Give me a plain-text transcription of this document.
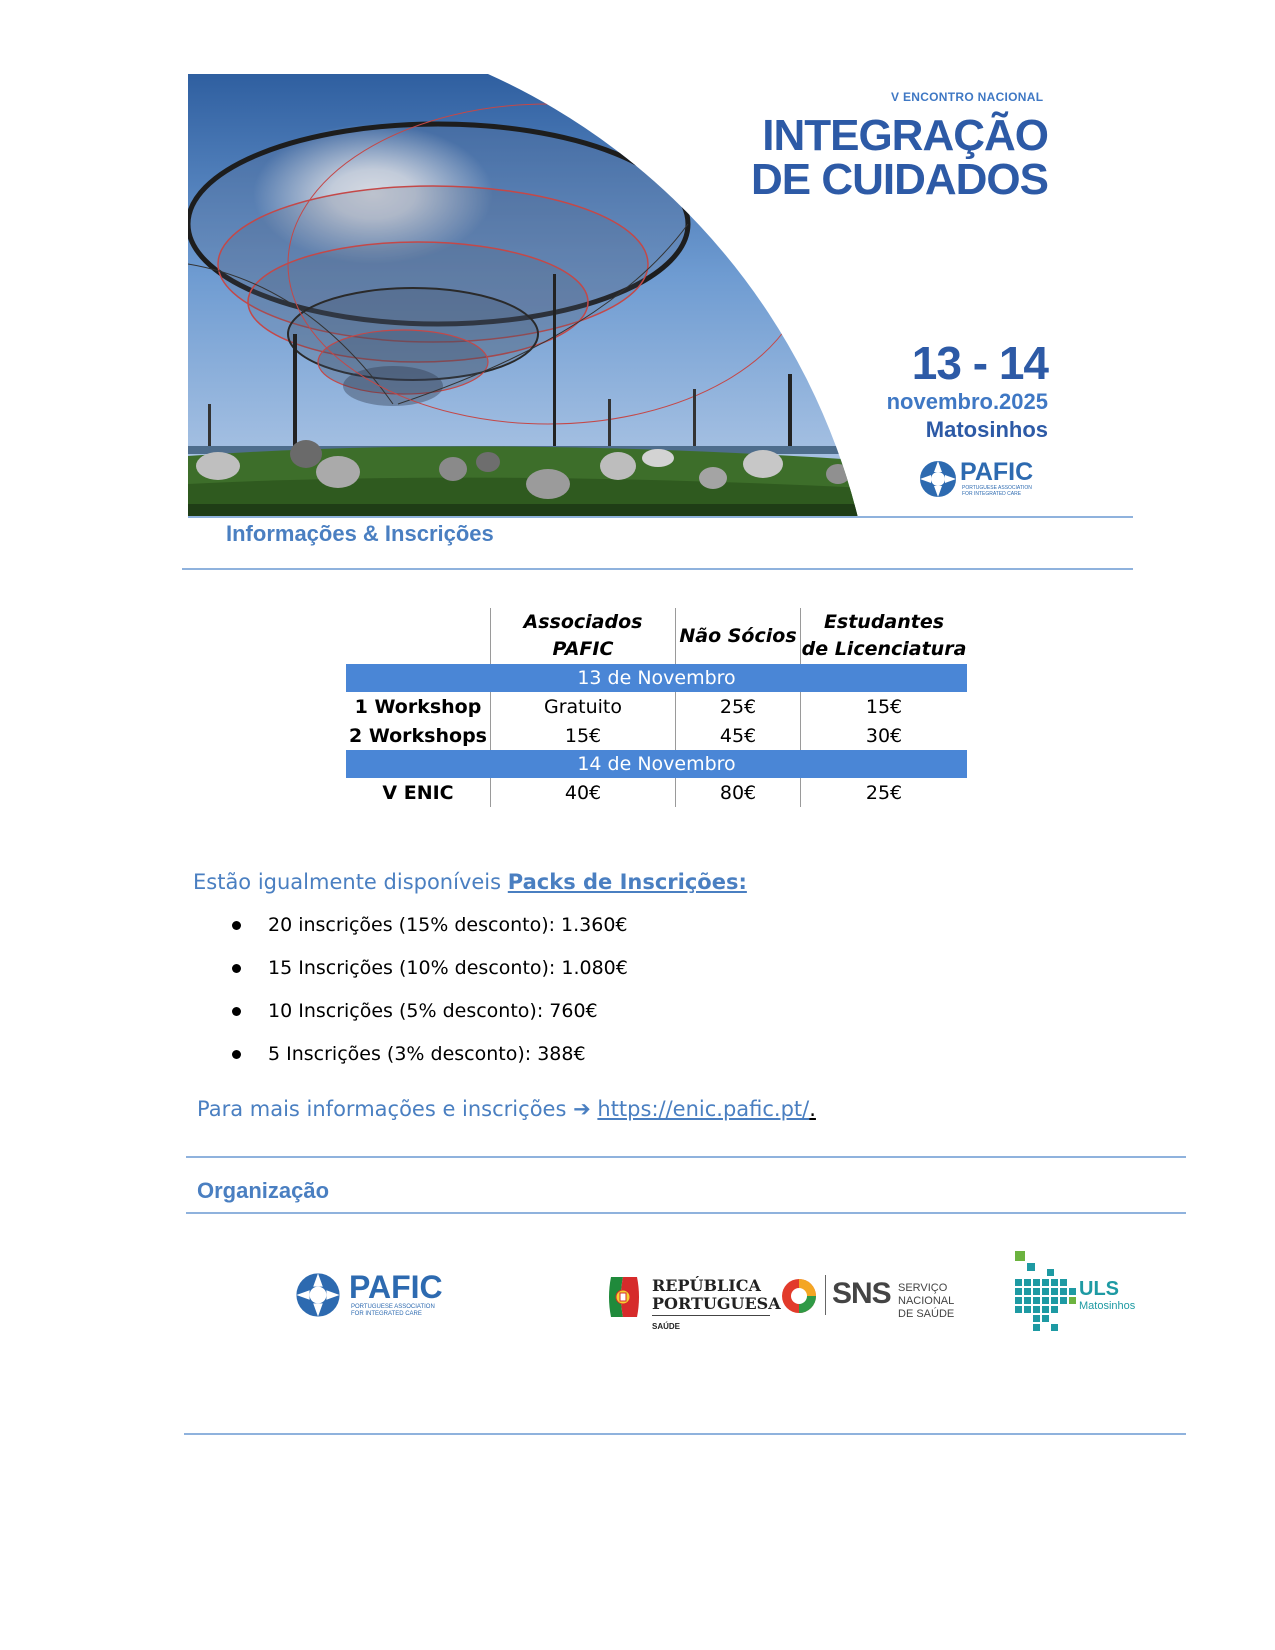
V ENCONTRO NACIONAL
INTEGRAÇÃO
DE CUIDADOS
13 - 14
novembro.2025
Matosinhos
PAFIC
PORTUGUESE ASSOCIATION
FOR INTEGRATED CARE
Informações & Inscrições
	Associados PAFIC	Não Sócios	Estudantes
de Licenciatura

13 de Novembro			
1 Workshop	Gratuito	25€	15€
2 Workshops	15€	45€	30€
14 de Novembro			
V ENIC	40€	80€	25€
Estão igualmente disponíveis Packs de Inscrições:
20 inscrições (15% desconto): 1.360€
15 Inscrições (10% desconto): 1.080€
10 Inscrições (5% desconto): 760€
5 Inscrições (3% desconto): 388€
Para mais informações e inscrições ➔ https://enic.pafic.pt/.
Organização
PAFIC
PORTUGUESE ASSOCIATION
FOR INTEGRATED CARE
REPÚBLICA
PORTUGUESA
SAÚDE
SNS SERVIÇO NACIONAL
DE SAÚDE
ULS
Matosinhos
